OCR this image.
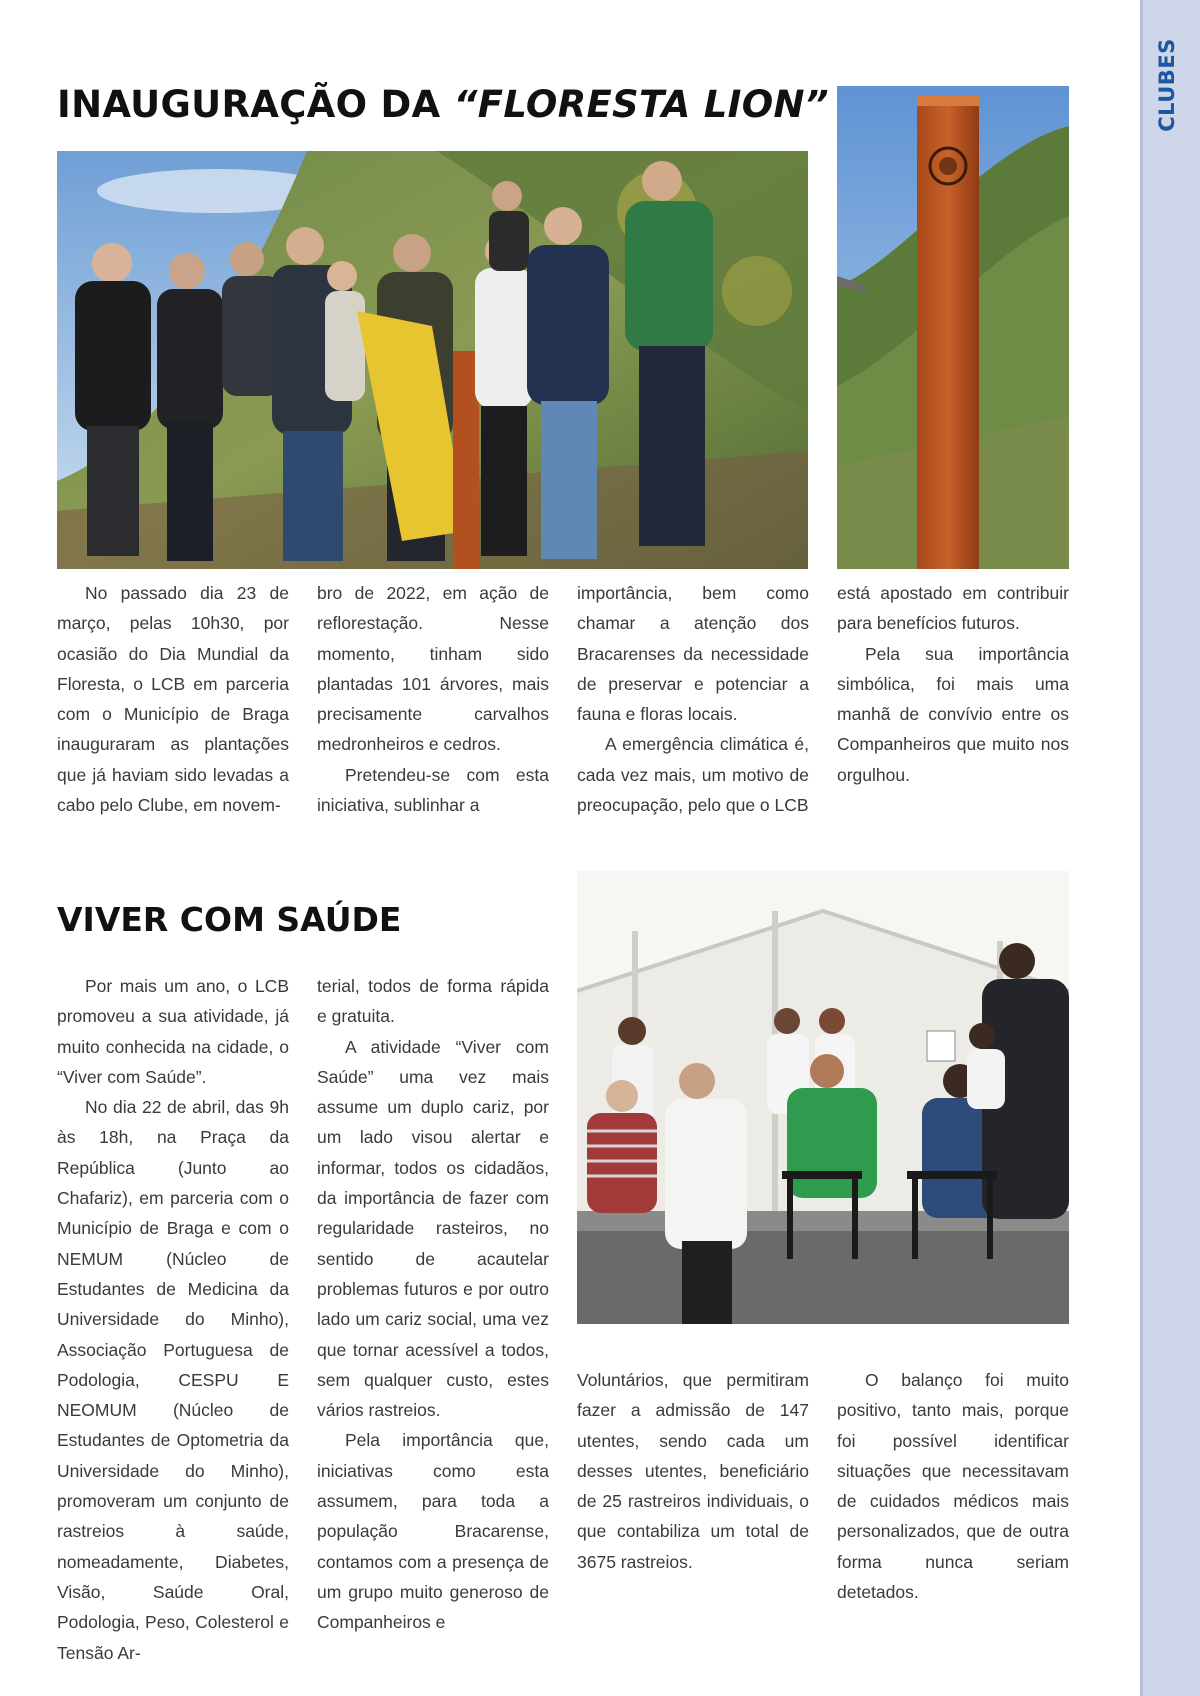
CLUBES
INAUGURAÇÃO DA “FLORESTA LION”

No passado dia 23 de março, pelas 10h30, por ocasião do Dia Mundial da Floresta, o LCB em parceria com o Município de Braga inauguraram as plantações que já haviam sido levadas a cabo pelo Clube, em novem-

bro de 2022, em ação de reflorestação. Nesse momento, tinham sido plantadas 101 árvores, mais precisamente carvalhos medronheiros e cedros.

Pretendeu-se com esta iniciativa, sublinhar a

importância, bem como chamar a atenção dos Bracarenses da necessidade de preservar e potenciar a fauna e floras locais.

A emergência climática é, cada vez mais, um motivo de preocupação, pelo que o LCB

está apostado em contribuir para benefícios futuros.

Pela sua importância simbólica, foi mais uma manhã de convívio entre os Companheiros que muito nos orgulhou.

VIVER COM SAÚDE

Por mais um ano, o LCB promoveu a sua atividade, já muito conhecida na cidade, o “Viver com Saúde”.

No dia 22 de abril, das 9h às 18h, na Praça da República (Junto ao Chafariz), em parceria com o Município de Braga e com o NEMUM (Núcleo de Estudantes de Medicina da Universidade do Minho), Associação Portuguesa de Podologia, CESPU E NEOMUM (Núcleo de Estudantes de Optometria da Universidade do Minho), promoveram um conjunto de rastreios à saúde, nomeadamente, Diabetes, Visão, Saúde Oral, Podologia, Peso, Colesterol e Tensão Ar-

terial, todos de forma rápida e gratuita.

A atividade “Viver com Saúde” uma vez mais assume um duplo cariz, por um lado visou alertar e informar, todos os cidadãos, da importância de fazer com regularidade rasteiros, no sentido de acautelar problemas futuros e por outro lado um cariz social, uma vez que tornar acessível a todos, sem qualquer custo, estes vários rastreios.

Pela importância que, iniciativas como esta assumem, para toda a população Bracarense, contamos com a presença de um grupo muito generoso de Companheiros e

Voluntários, que permitiram fazer a admissão de 147 utentes, sendo cada um desses utentes, beneficiário de 25 rastreiros individuais, o que contabiliza um total de 3675 rastreios.

O balanço foi muito positivo, tanto mais, porque foi possível identificar situações que necessitavam de cuidados médicos mais personalizados, que de outra forma nunca seriam detetados.
